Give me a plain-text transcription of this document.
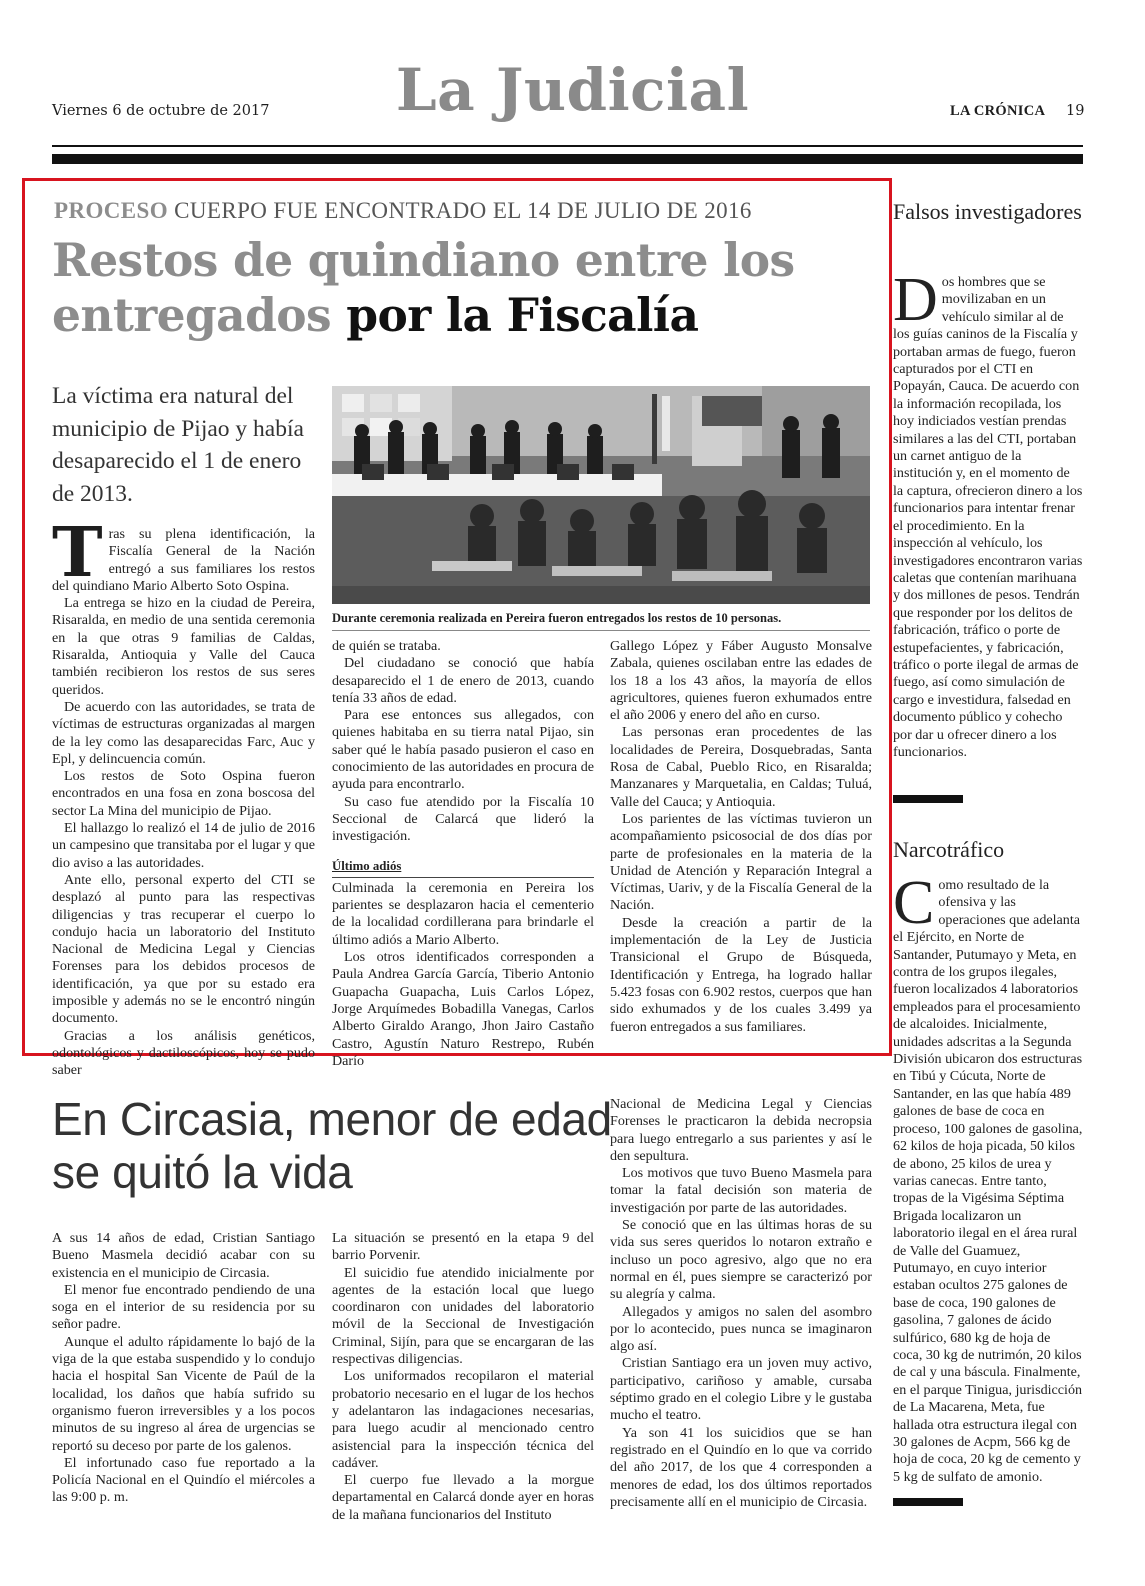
Viernes 6 de octubre de 2017	La Judicial	LA CRÓNICA 19
PROCESO CUERPO FUE ENCONTRADO EL 14 DE JULIO DE 2016
Restos de quindiano entre los entregados por la Fiscalía
La víctima era natural del municipio de Pijao y había desaparecido el 1 de enero de 2013.
Durante ceremonia realizada en Pereira fueron entregados los restos de 10 personas.

Tras su plena identificación, la Fiscalía General de la Nación entregó a sus familiares los restos del quindiano Mario Alberto Soto Ospina.

La entrega se hizo en la ciudad de Pereira, Risaralda, en medio de una sentida ceremonia en la que otras 9 familias de Caldas, Risaralda, Antioquia y Valle del Cauca también recibieron los restos de sus seres queridos.

De acuerdo con las autoridades, se trata de víctimas de estructuras organizadas al margen de la ley como las desaparecidas Farc, Auc y Epl, y delincuencia común.

Los restos de Soto Ospina fueron encontrados en una fosa en zona boscosa del sector La Mina del municipio de Pijao.

El hallazgo lo realizó el 14 de julio de 2016 un campesino que transitaba por el lugar y que dio aviso a las autoridades.

Ante ello, personal experto del CTI se desplazó al punto para las respectivas diligencias y tras recuperar el cuerpo lo condujo hacia un laboratorio del Instituto Nacional de Medicina Legal y Ciencias Forenses para los debidos procesos de identificación, ya que por su estado era imposible y además no se le encontró ningún documento.

Gracias a los análisis genéticos, odontológicos y dactiloscópicos, hoy se pudo saber

de quién se trataba.

Del ciudadano se conoció que había desaparecido el 1 de enero de 2013, cuando tenía 33 años de edad.

Para ese entonces sus allegados, con quienes habitaba en su tierra natal Pijao, sin saber qué le había pasado pusieron el caso en conocimiento de las autoridades en procura de ayuda para encontrarlo.

Su caso fue atendido por la Fiscalía 10 Seccional de Calarcá que lideró la investigación.

Último adiós

Culminada la ceremonia en Pereira los parientes se desplazaron hacia el cementerio de la localidad cordillerana para brindarle el último adiós a Mario Alberto.

Los otros identificados corresponden a Paula Andrea García García, Tiberio Antonio Guapacha Guapacha, Luis Carlos López, Jorge Arquímedes Bobadilla Vanegas, Carlos Alberto Giraldo Arango, Jhon Jairo Castaño Castro, Agustín Naturo Restrepo, Rubén Darío

Gallego López y Fáber Augusto Monsalve Zabala, quienes oscilaban entre las edades de los 18 a los 43 años, la mayoría de ellos agricultores, quienes fueron exhumados entre el año 2006 y enero del año en curso.

Las personas eran procedentes de las localidades de Pereira, Dosquebradas, Santa Rosa de Cabal, Pueblo Rico, en Risaralda; Manzanares y Marquetalia, en Caldas; Tuluá, Valle del Cauca; y Antioquia.

Los parientes de las víctimas tuvieron un acompañamiento psicosocial de dos días por parte de profesionales en la materia de la Unidad de Atención y Reparación Integral a Víctimas, Uariv, y de la Fiscalía General de la Nación.

Desde la creación a partir de la implementación de la Ley de Justicia Transicional el Grupo de Búsqueda, Identificación y Entrega, ha logrado hallar 5.423 fosas con 6.902 restos, cuerpos que han sido exhumados y de los cuales 3.499 ya fueron entregados a sus familiares.

Falsos investigadores
Dos hombres que se movilizaban en un vehículo similar al de los guías caninos de la Fiscalía y portaban armas de fuego, fueron capturados por el CTI en Popayán, Cauca. De acuerdo con la información recopilada, los hoy indiciados vestían prendas similares a las del CTI, portaban un carnet antiguo de la institución y, en el momento de la captura, ofrecieron dinero a los funcionarios para intentar frenar el procedimiento. En la inspección al vehículo, los investigadores encontraron varias caletas que contenían marihuana y dos millones de pesos. Tendrán que responder por los delitos de fabricación, tráfico o porte de estupefacientes, y fabricación, tráfico o porte ilegal de armas de fuego, así como simulación de cargo e investidura, falsedad en documento público y cohecho por dar u ofrecer dinero a los funcionarios.
Narcotráfico
Como resultado de la ofensiva y las operaciones que adelanta el Ejército, en Norte de Santander, Putumayo y Meta, en contra de los grupos ilegales, fueron localizados 4 laboratorios empleados para el procesamiento de alcaloides. Inicialmente, unidades adscritas a la Segunda División ubicaron dos estructuras en Tibú y Cúcuta, Norte de Santander, en las que había 489 galones de base de coca en proceso, 100 galones de gasolina, 62 kilos de hoja picada, 50 kilos de abono, 25 kilos de urea y varias canecas. Entre tanto, tropas de la Vigésima Séptima Brigada localizaron un laboratorio ilegal en el área rural de Valle del Guamuez, Putumayo, en cuyo interior estaban ocultos 275 galones de base de coca, 190 galones de gasolina, 7 galones de ácido sulfúrico, 680 kg de hoja de coca, 30 kg de nutrimón, 20 kilos de cal y una báscula. Finalmente, en el parque Tinigua, jurisdicción de La Macarena, Meta, fue hallada otra estructura ilegal con 30 galones de Acpm, 566 kg de hoja de coca, 20 kg de cemento y 5 kg de sulfato de amonio.
En Circasia, menor de edad se quitó la vida

A sus 14 años de edad, Cristian Santiago Bueno Masmela decidió acabar con su existencia en el municipio de Circasia.

El menor fue encontrado pendiendo de una soga en el interior de su residencia por su señor padre.

Aunque el adulto rápidamente lo bajó de la viga de la que estaba suspendido y lo condujo hacia el hospital San Vicente de Paúl de la localidad, los daños que había sufrido su organismo fueron irreversibles y a los pocos minutos de su ingreso al área de urgencias se reportó su deceso por parte de los galenos.

El infortunado caso fue reportado a la Policía Nacional en el Quindío el miércoles a las 9:00 p. m.

La situación se presentó en la etapa 9 del barrio Porvenir.

El suicidio fue atendido inicialmente por agentes de la estación local que luego coordinaron con unidades del laboratorio móvil de la Seccional de Investigación Criminal, Sijín, para que se encargaran de las respectivas diligencias.

Los uniformados recopilaron el material probatorio necesario en el lugar de los hechos y adelantaron las indagaciones necesarias, para luego acudir al mencionado centro asistencial para la inspección técnica del cadáver.

El cuerpo fue llevado a la morgue departamental en Calarcá donde ayer en horas de la mañana funcionarios del Instituto

Nacional de Medicina Legal y Ciencias Forenses le practicaron la debida necropsia para luego entregarlo a sus parientes y así le den sepultura.

Los motivos que tuvo Bueno Masmela para tomar la fatal decisión son materia de investigación por parte de las autoridades.

Se conoció que en las últimas horas de su vida sus seres queridos lo notaron extraño e incluso un poco agresivo, algo que no era normal en él, pues siempre se caracterizó por su alegría y calma.

Allegados y amigos no salen del asombro por lo acontecido, pues nunca se imaginaron algo así.

Cristian Santiago era un joven muy activo, participativo, cariñoso y amable, cursaba séptimo grado en el colegio Libre y le gustaba mucho el teatro.

Ya son 41 los suicidios que se han registrado en el Quindío en lo que va corrido del año 2017, de los que 4 corresponden a menores de edad, los dos últimos reportados precisamente allí en el municipio de Circasia.
